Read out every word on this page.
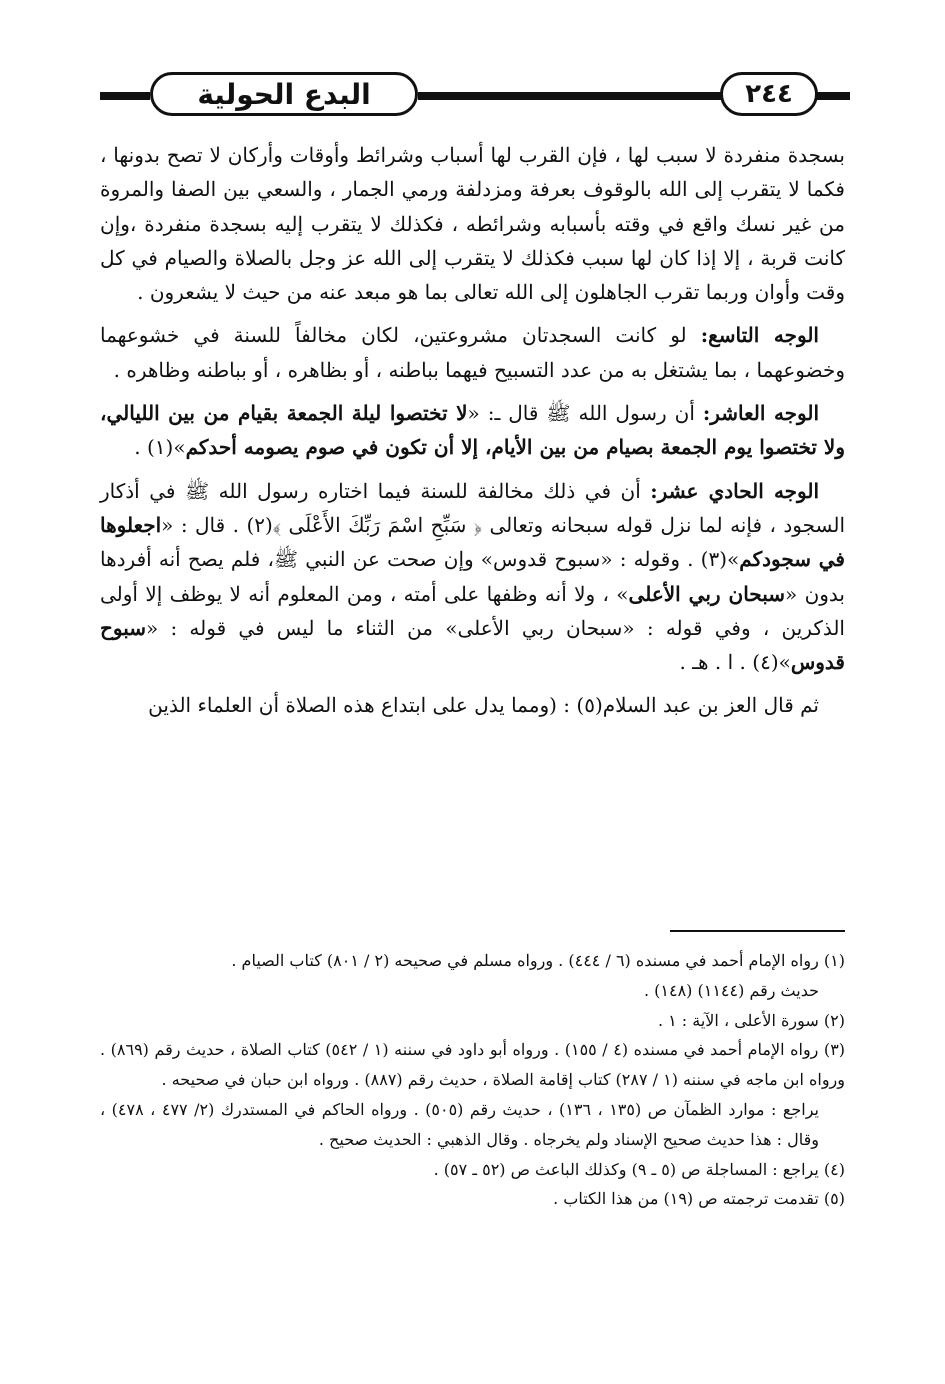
البدع الحولية	٢٤٤

بسجدة منفردة لا سبب لها ، فإن القرب لها أسباب وشرائط وأوقات وأركان لا تصح بدونها ، فكما لا يتقرب إلى الله بالوقوف بعرفة ومزدلفة ورمي الجمار ، والسعي بين الصفا والمروة من غير نسك واقع في وقته بأسبابه وشرائطه ، فكذلك لا يتقرب إليه بسجدة منفردة ،وإن كانت قربة ، إلا إذا كان لها سبب فكذلك لا يتقرب إلى الله عز وجل بالصلاة والصيام في كل وقت وأوان وربما تقرب الجاهلون إلى الله تعالى بما هو مبعد عنه من حيث لا يشعرون .

الوجه التاسع: لو كانت السجدتان مشروعتين، لكان مخالفاً للسنة في خشوعهما وخضوعهما ، بما يشتغل به من عدد التسبيح فيهما بباطنه ، أو بظاهره ، أو بباطنه وظاهره .

الوجه العاشر: أن رسول الله ﷺ قال ـ: «لا تختصوا ليلة الجمعة بقيام من بين الليالي، ولا تختصوا يوم الجمعة بصيام من بين الأيام، إلا أن تكون في صوم يصومه أحدكم»(١) .

الوجه الحادي عشر: أن في ذلك مخالفة للسنة فيما اختاره رسول الله ﷺ في أذكار السجود ، فإنه لما نزل قوله سبحانه وتعالى ﴿ سَبِّحِ اسْمَ رَبِّكَ الأَعْلَى ﴾(٢) . قال : «اجعلوها في سجودكم»(٣) . وقوله : «سبوح قدوس» وإن صحت عن النبي ﷺ، فلم يصح أنه أفردها بدون «سبحان ربي الأعلى» ، ولا أنه وظفها على أمته ، ومن المعلوم أنه لا يوظف إلا أولى الذكرين ، وفي قوله : «سبحان ربي الأعلى» من الثناء ما ليس في قوله : «سبوح قدوس»(٤) . ا . هـ .

ثم قال العز بن عبد السلام(٥) : (ومما يدل على ابتداع هذه الصلاة أن العلماء الذين

(١) رواه الإمام أحمد في مسنده (٦ / ٤٤٤) . ورواه مسلم في صحيحه (٢ / ٨٠١) كتاب الصيام .

حديث رقم (١١٤٤) (١٤٨) .

(٢) سورة الأعلى ، الآية : ١ .

(٣) رواه الإمام أحمد في مسنده (٤ / ١٥٥) . ورواه أبو داود في سننه (١ / ٥٤٢) كتاب الصلاة ، حديث رقم (٨٦٩) . ورواه ابن ماجه في سننه (١ / ٢٨٧) كتاب إقامة الصلاة ، حديث رقم (٨٨٧) . ورواه ابن حبان في صحيحه .

يراجع : موارد الظمآن ص (١٣٥ ، ١٣٦) ، حديث رقم (٥٠٥) . ورواه الحاكم في المستدرك (٢/ ٤٧٧ ، ٤٧٨) ، وقال : هذا حديث صحيح الإسناد ولم يخرجاه . وقال الذهبي : الحديث صحيح .

(٤) يراجع : المساجلة ص (٥ ـ ٩) وكذلك الباعث ص (٥٢ ـ ٥٧) .

(٥) تقدمت ترجمته ص (١٩) من هذا الكتاب .
